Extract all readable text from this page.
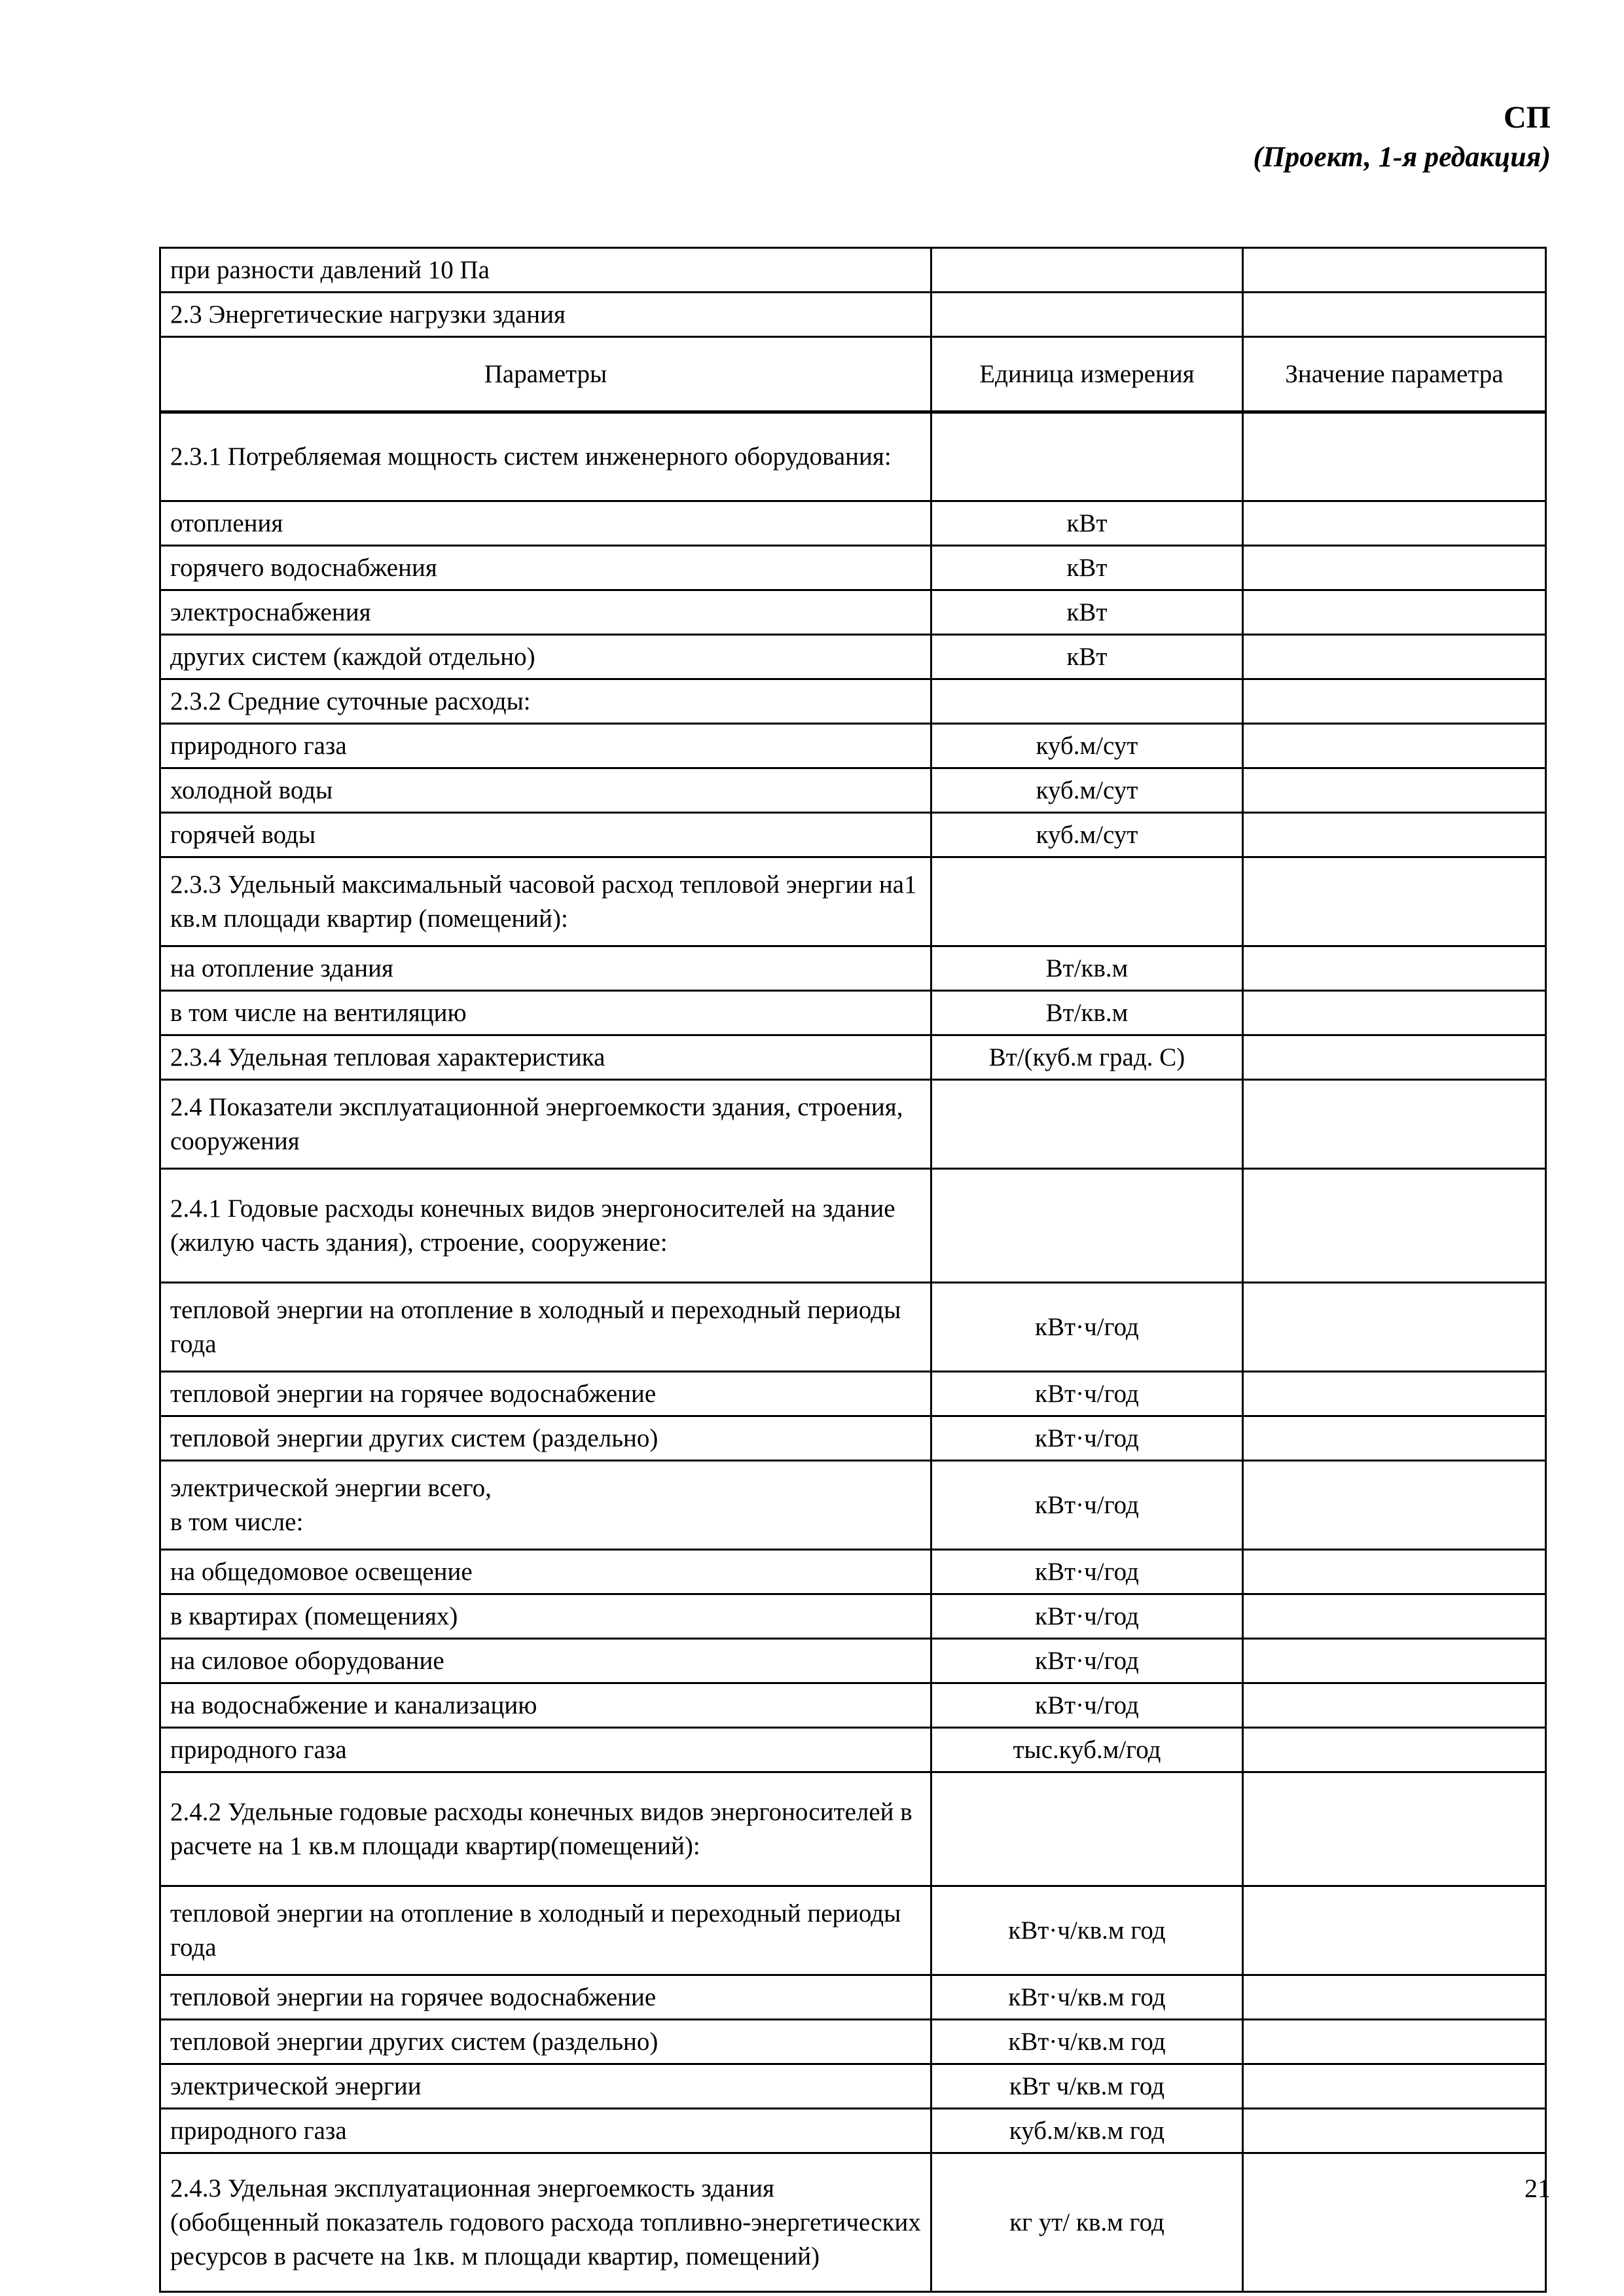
СП
(Проект, 1-я редакция)
при разности давлений 10 Па		
2.3 Энергетические нагрузки здания		
Параметры	Единица измерения	Значение параметра
2.3.1 Потребляемая мощность систем инженерного оборудования:		
отопления	кВт	
горячего водоснабжения	кВт	
электроснабжения	кВт	
других систем (каждой отдельно)	кВт	
2.3.2 Средние суточные расходы:		
природного газа	куб.м/сут	
холодной воды	куб.м/сут	
горячей воды	куб.м/сут	
2.3.3 Удельный максимальный часовой расход тепловой энергии на1 кв.м площади квартир (помещений):		
на отопление здания	Вт/кв.м	
в том числе на вентиляцию	Вт/кв.м	
2.3.4 Удельная тепловая характеристика	Вт/(куб.м град. С)	
2.4 Показатели эксплуатационной энергоемкости здания, строения, сооружения		
2.4.1 Годовые расходы конечных видов энергоносителей на здание (жилую часть здания), строение, сооружение:		
тепловой энергии на отопление в холодный и переходный периоды года	кВт·ч/год	
тепловой энергии на горячее водоснабжение	кВт·ч/год	
тепловой энергии других систем (раздельно)	кВт·ч/год	
электрической энергии всего,
в том числе:	кВт·ч/год	
на общедомовое освещение	кВт·ч/год	
в квартирах (помещениях)	кВт·ч/год	
на силовое оборудование	кВт·ч/год	
на водоснабжение и канализацию	кВт·ч/год	
природного газа	тыс.куб.м/год	
2.4.2 Удельные годовые расходы конечных видов энергоносителей в расчете на 1 кв.м площади квартир(помещений):		
тепловой энергии на отопление в холодный и переходный периоды года	кВт·ч/кв.м год	
тепловой энергии на горячее водоснабжение	кВт·ч/кв.м год	
тепловой энергии других систем (раздельно)	кВт·ч/кв.м год	
электрической энергии	кВт ч/кв.м год	
природного газа	куб.м/кв.м год	
2.4.3 Удельная эксплуатационная энергоемкость здания (обобщенный показатель годового расхода топливно-энергетических ресурсов в расчете на 1кв. м площади квартир, помещений)	кг ут/ кв.м год	
21
